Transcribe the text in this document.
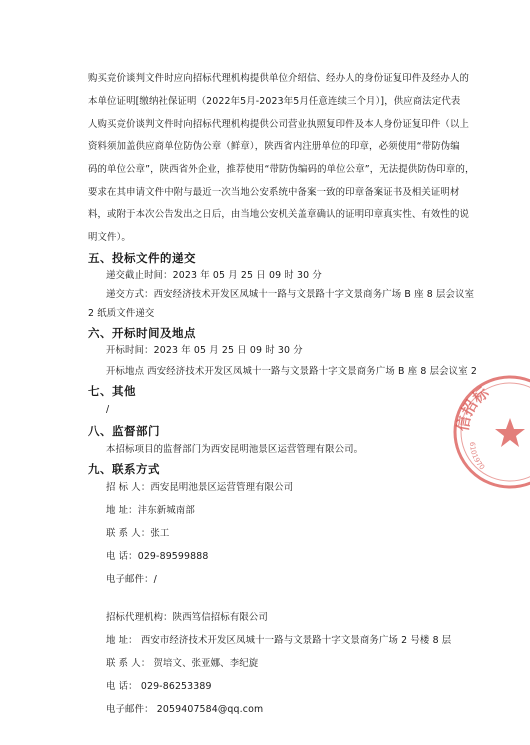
购买竞价谈判文件时应向招标代理机构提供单位介绍信、经办人的身份证复印件及经办人的
本单位证明[缴纳社保证明（2022年5月-2023年5月任意连续三个月）]，供应商法定代表
人购买竞价谈判文件时向招标代理机构提供公司营业执照复印件及本人身份证复印件（以上
资料须加盖供应商单位防伪公章（鲜章），陕西省内注册单位的印章，必须使用“带防伪编
码的单位公章”，陕西省外企业，推荐使用“带防伪编码的单位公章”，无法提供防伪印章的，
要求在其申请文件中附与最近一次当地公安系统中备案一致的印章备案证书及相关证明材
料，或附于本次公告发出之日后，由当地公安机关盖章确认的证明印章真实性、有效性的说
明文件）。
五、投标文件的递交
递交截止时间：2023 年 05 月 25 日 09 时 30 分
递交方式：西安经济技术开发区凤城十一路与文景路十字文景商务广场 B 座 8 层会议室
2 纸质文件递交
六、开标时间及地点
开标时间：2023 年 05 月 25 日 09 时 30 分
开标地点 西安经济技术开发区凤城十一路与文景路十字文景商务广场 B 座 8 层会议室 2
七、其他
/
八、监督部门
本招标项目的监督部门为西安昆明池景区运营管理有限公司。
九、联系方式
招 标 人：西安昆明池景区运营管理有限公司
地 址：沣东新城南部
联 系 人：张工
电 话：029-89599888
电子邮件：/
招标代理机构：陕西笃信招标有限公司
地 址： 西安市经济技术开发区凤城十一路与文景路十字文景商务广场 2 号楼 8 层
联 系 人： 贺培文、张亚娜、李纪旋
电 话： 029-86253389
电子邮件： 2059407584@qq.com
信招标
6101970
